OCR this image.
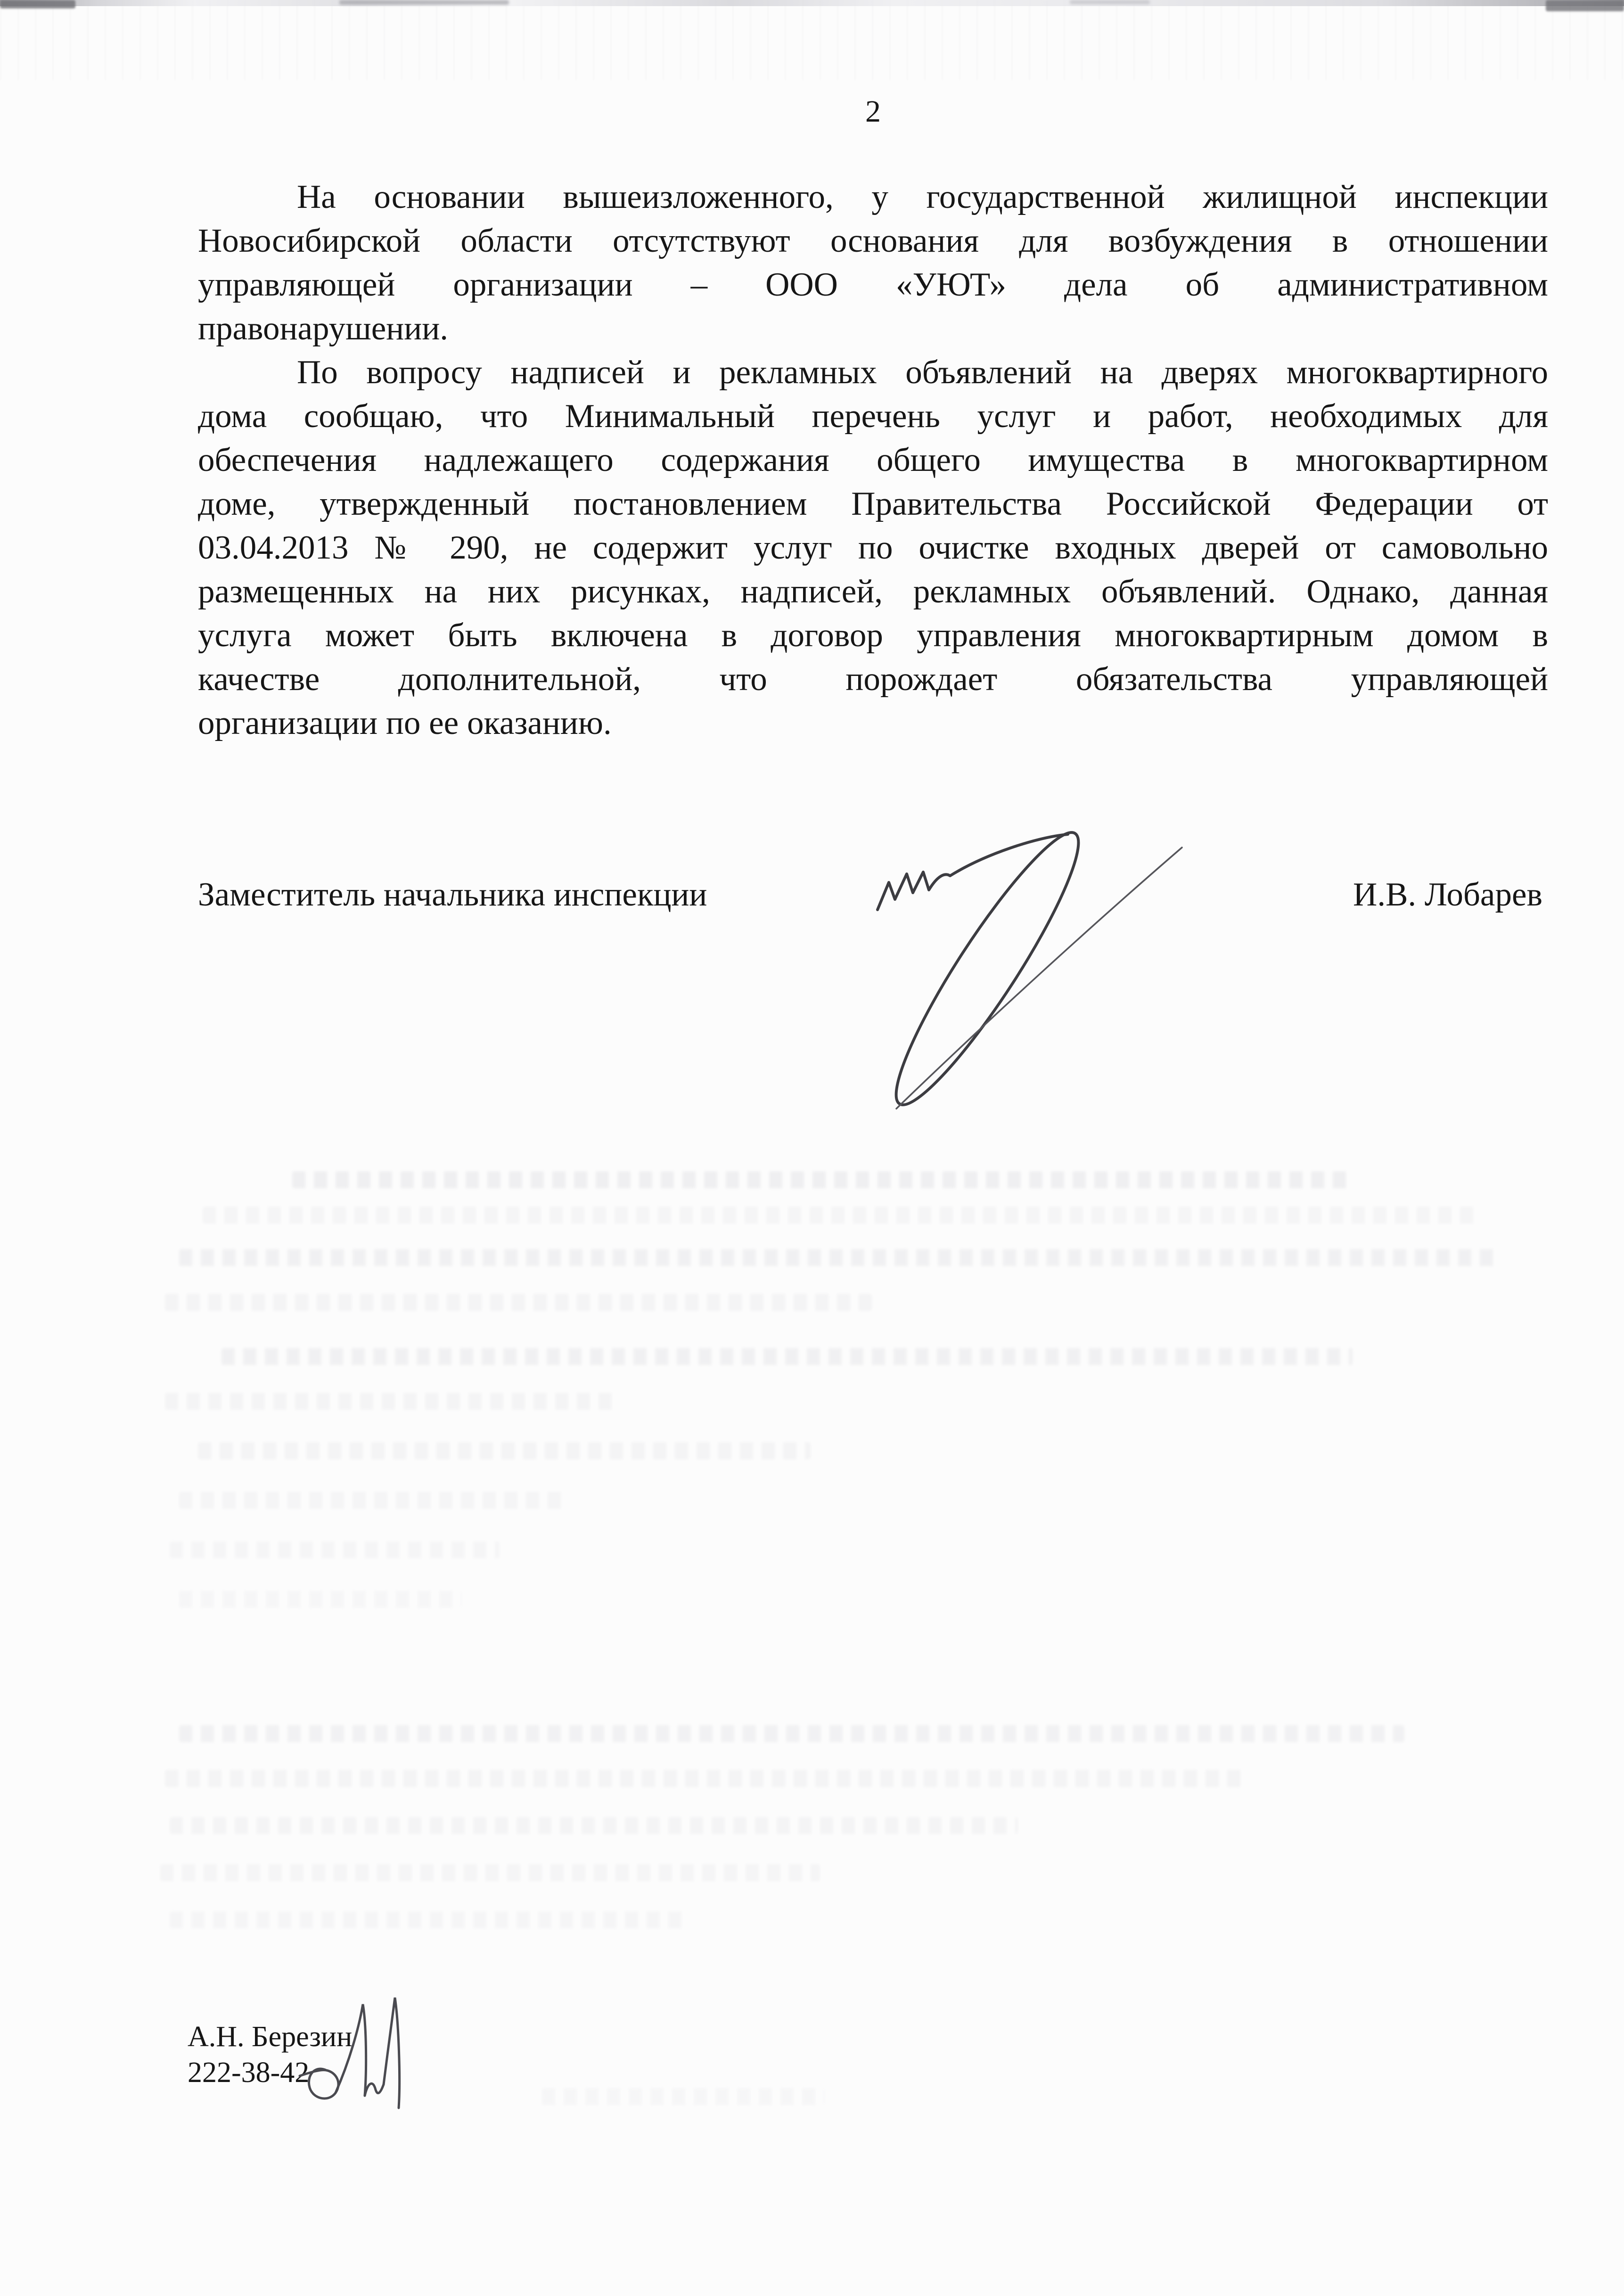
2
На основании вышеизложенного, у государственной жилищной инспекции
Новосибирской области отсутствуют основания для возбуждения в отношении
управляющей организации – ООО «УЮТ» дела об административном
правонарушении.
По вопросу надписей и рекламных объявлений на дверях многоквартирного
дома сообщаю, что Минимальный перечень услуг и работ, необходимых для
обеспечения надлежащего содержания общего имущества в многоквартирном
доме, утвержденный постановлением Правительства Российской Федерации от
03.04.2013 № 290, не содержит услуг по очистке входных дверей от самовольно
размещенных на них рисунках, надписей, рекламных объявлений. Однако, данная
услуга может быть включена в договор управления многоквартирным домом в
качестве дополнительной, что порождает обязательства управляющей
организации по ее оказанию.
Заместитель начальника инспекции	И.В. Лобарев
А.Н. Березин
222-38-42
